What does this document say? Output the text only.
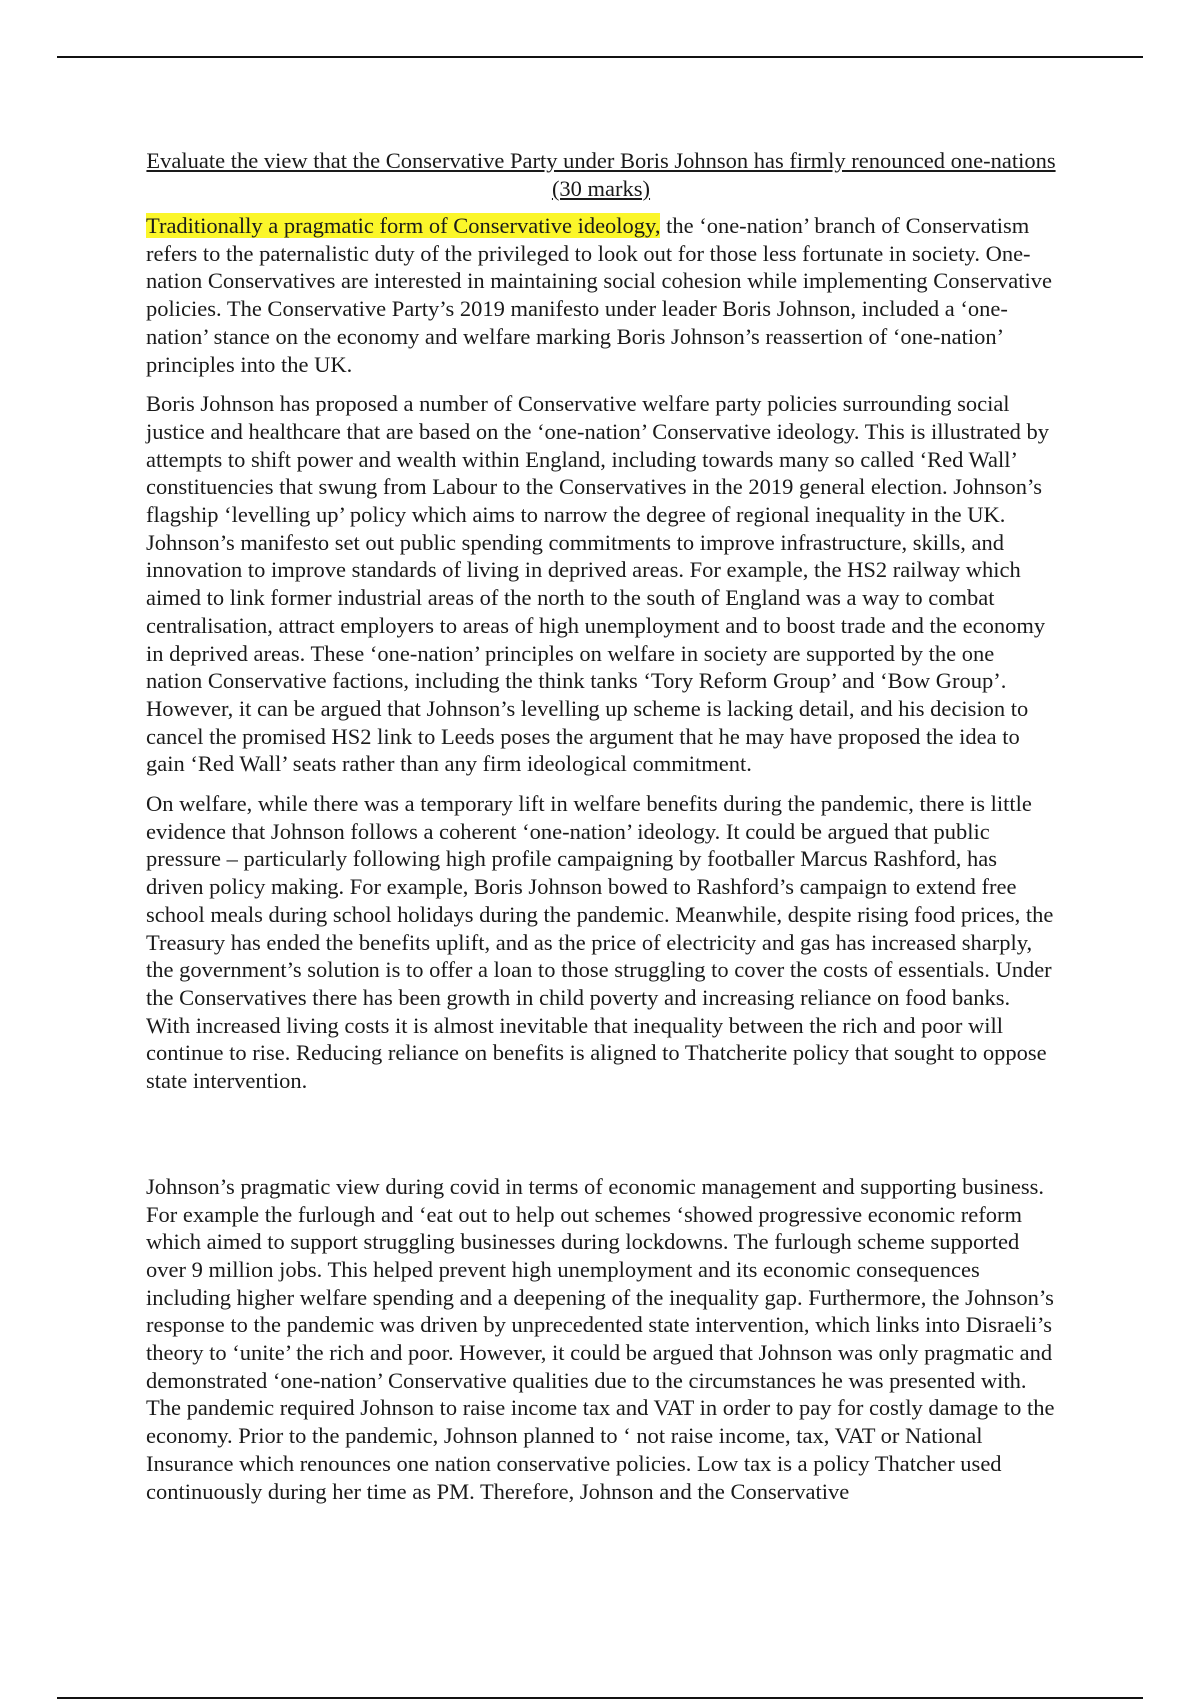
Evaluate the view that the Conservative Party under Boris Johnson has firmly renounced one-nations (30 marks)

Traditionally a pragmatic form of Conservative ideology, the ‘one-nation’ branch of Conservatism refers to the paternalistic duty of the privileged to look out for those less fortunate in society. One-nation Conservatives are interested in maintaining social cohesion while implementing Conservative policies. The Conservative Party’s 2019 manifesto under leader Boris Johnson, included a ‘one-nation’ stance on the economy and welfare marking Boris Johnson’s reassertion of ‘one-nation’ principles into the UK.

Boris Johnson has proposed a number of Conservative welfare party policies surrounding social justice and healthcare that are based on the ‘one-nation’ Conservative ideology. This is illustrated by attempts to shift power and wealth within England, including towards many so called ‘Red Wall’ constituencies that swung from Labour to the Conservatives in the 2019 general election. Johnson’s flagship ‘levelling up’ policy which aims to narrow the degree of regional inequality in the UK. Johnson’s manifesto set out public spending commitments to improve infrastructure, skills, and innovation to improve standards of living in deprived areas. For example, the HS2 railway which aimed to link former industrial areas of the north to the south of England was a way to combat centralisation, attract employers to areas of high unemployment and to boost trade and the economy in deprived areas. These ‘one-nation’ principles on welfare in society are supported by the one nation Conservative factions, including the think tanks ‘Tory Reform Group’ and ‘Bow Group’. However, it can be argued that Johnson’s levelling up scheme is lacking detail, and his decision to cancel the promised HS2 link to Leeds poses the argument that he may have proposed the idea to gain ‘Red Wall’ seats rather than any firm ideological commitment.

On welfare, while there was a temporary lift in welfare benefits during the pandemic, there is little evidence that Johnson follows a coherent ‘one-nation’ ideology. It could be argued that public pressure – particularly following high profile campaigning by footballer Marcus Rashford, has driven policy making. For example, Boris Johnson bowed to Rashford’s campaign to extend free school meals during school holidays during the pandemic. Meanwhile, despite rising food prices, the Treasury has ended the benefits uplift, and as the price of electricity and gas has increased sharply, the government’s solution is to offer a loan to those struggling to cover the costs of essentials. Under the Conservatives there has been growth in child poverty and increasing reliance on food banks. With increased living costs it is almost inevitable that inequality between the rich and poor will continue to rise. Reducing reliance on benefits is aligned to Thatcherite policy that sought to oppose state intervention.

Johnson’s pragmatic view during covid in terms of economic management and supporting business. For example the furlough and ‘eat out to help out schemes ‘showed progressive economic reform which aimed to support struggling businesses during lockdowns. The furlough scheme supported over 9 million jobs. This helped prevent high unemployment and its economic consequences including higher welfare spending and a deepening of the inequality gap. Furthermore, the Johnson’s response to the pandemic was driven by unprecedented state intervention, which links into Disraeli’s theory to ‘unite’ the rich and poor. However, it could be argued that Johnson was only pragmatic and demonstrated ‘one-nation’ Conservative qualities due to the circumstances he was presented with. The pandemic required Johnson to raise income tax and VAT in order to pay for costly damage to the economy. Prior to the pandemic, Johnson planned to ‘ not raise income, tax, VAT or National Insurance which renounces one nation conservative policies. Low tax is a policy Thatcher used continuously during her time as PM. Therefore, Johnson and the Conservative
